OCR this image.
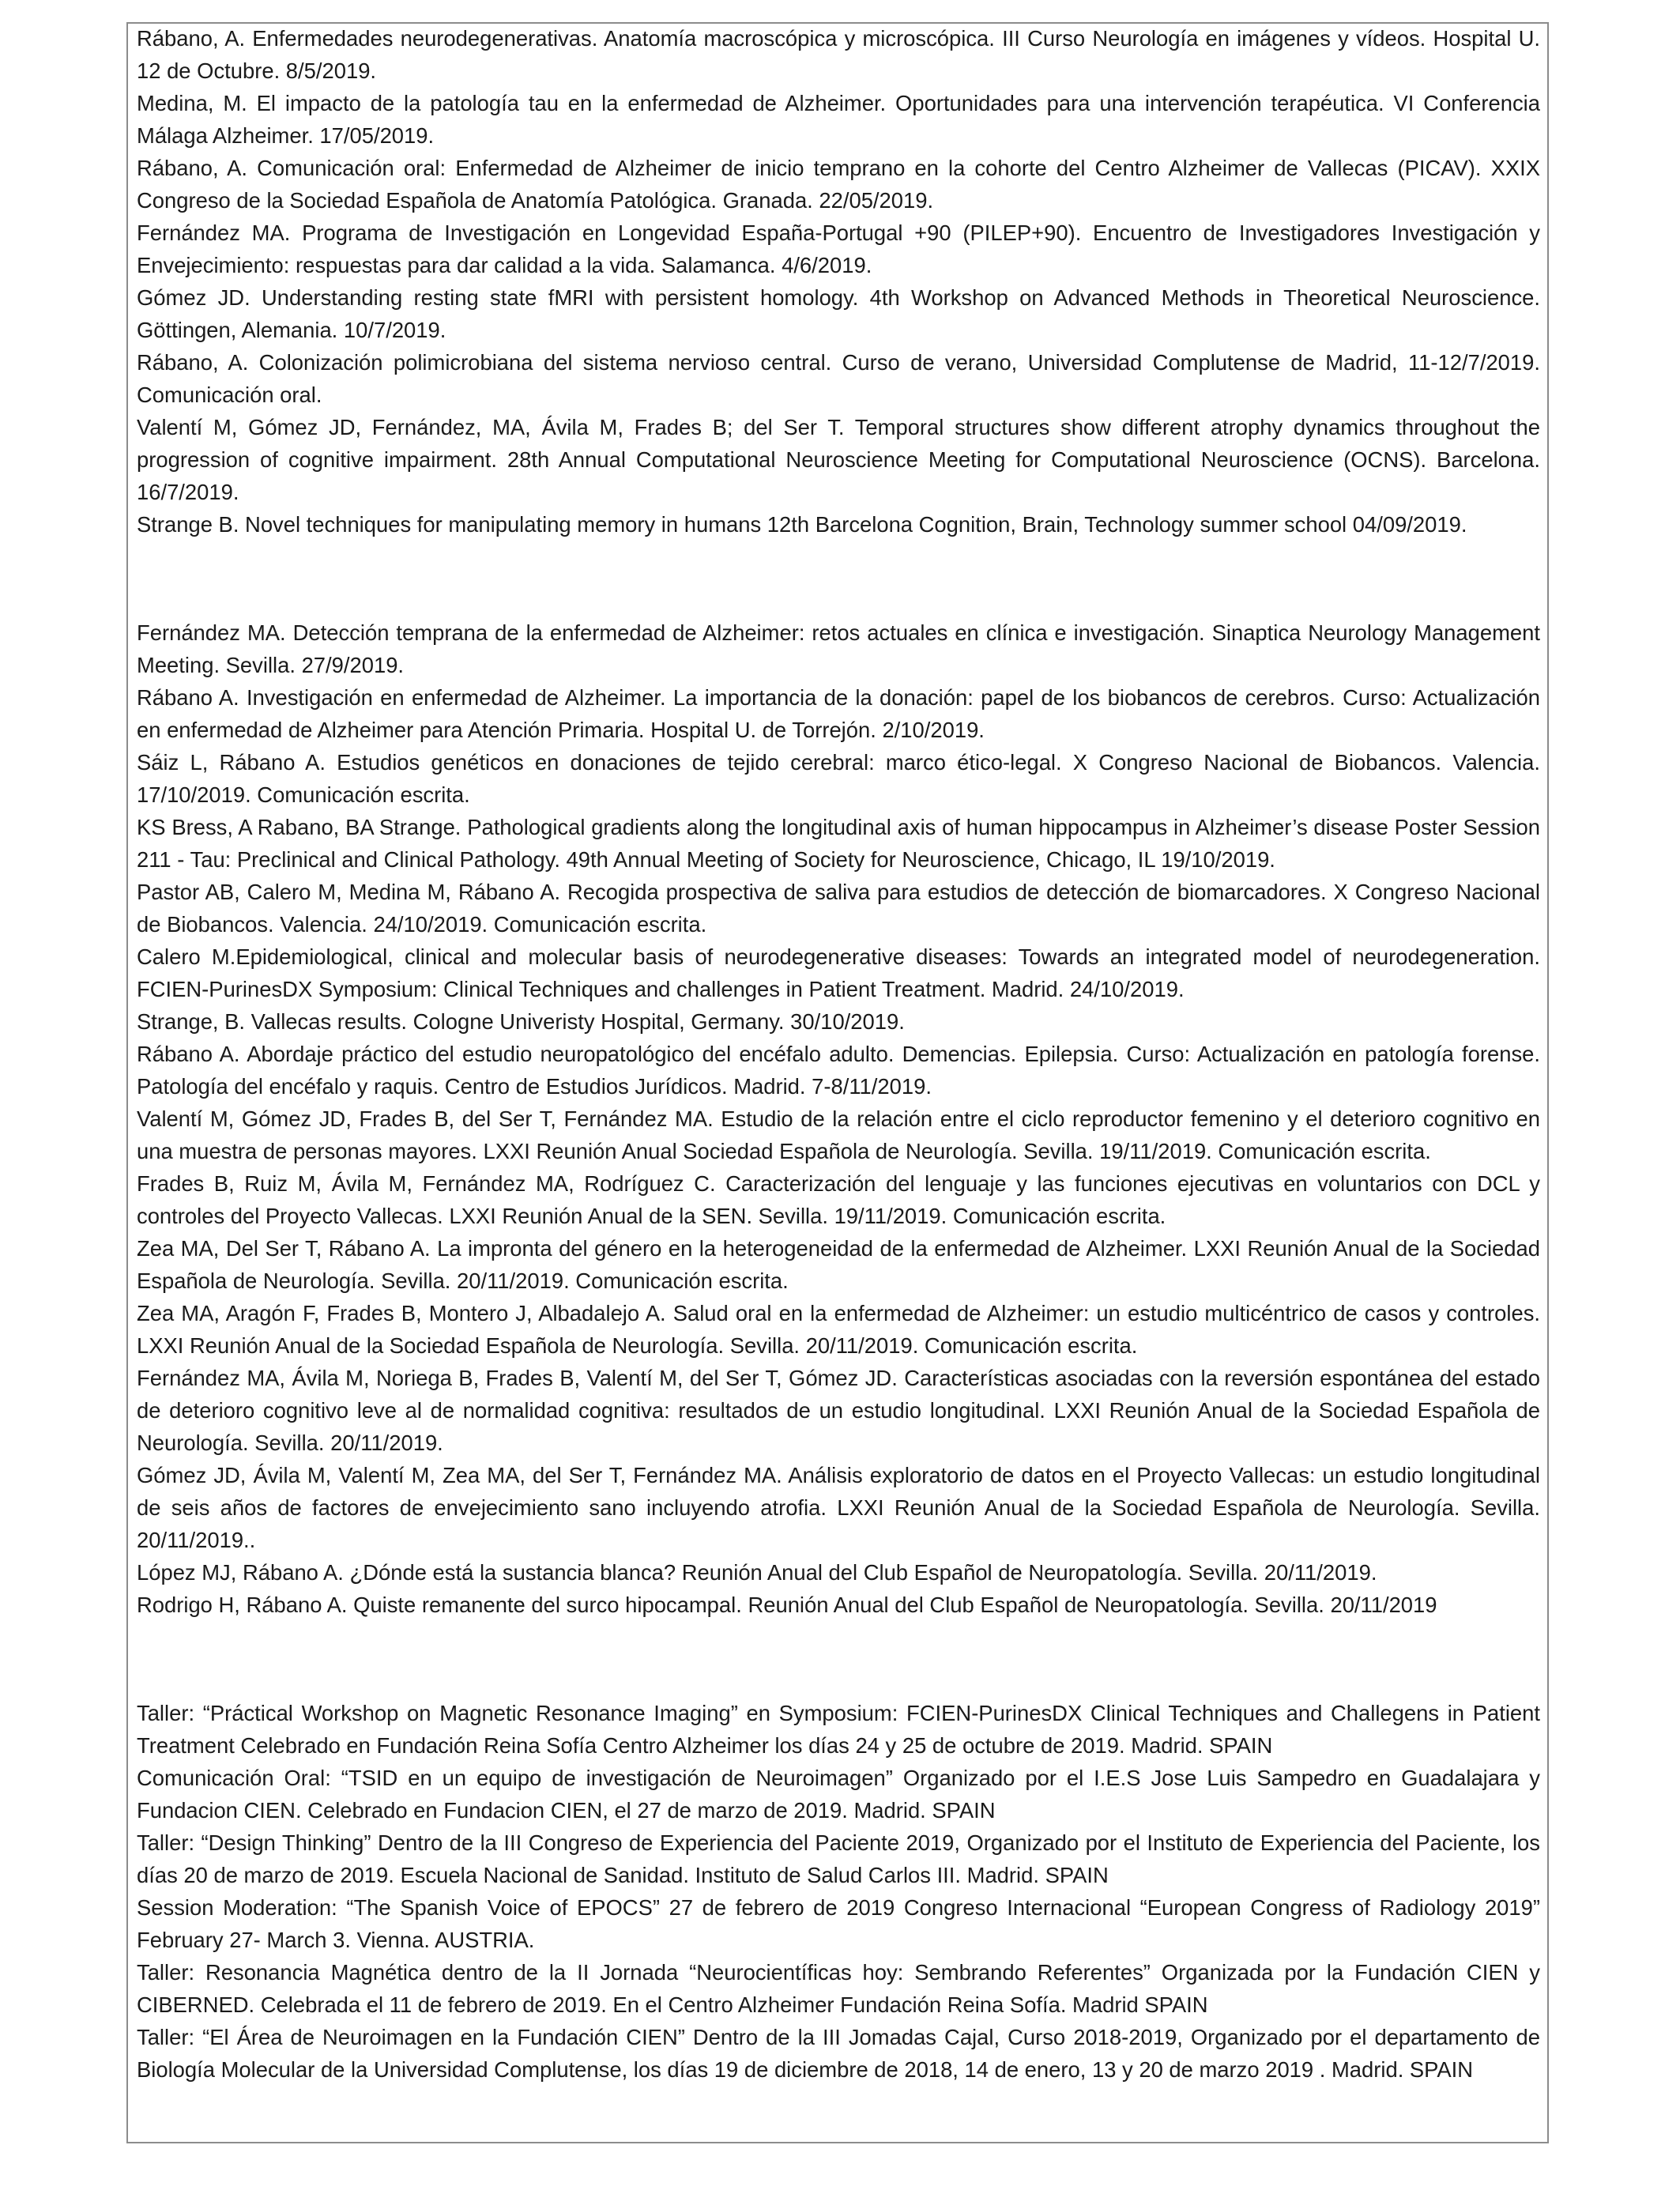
Rábano, A. Enfermedades neurodegenerativas. Anatomía macroscópica y microscópica. III Curso Neurología en imágenes y vídeos. Hospital U. 12 de Octubre. 8/5/2019.

Medina, M. El impacto de la patología tau en la enfermedad de Alzheimer. Oportunidades para una intervención terapéutica. VI Conferencia Málaga Alzheimer. 17/05/2019.

Rábano, A. Comunicación oral: Enfermedad de Alzheimer de inicio temprano en la cohorte del Centro Alzheimer de Vallecas (PICAV). XXIX Congreso de la Sociedad Española de Anatomía Patológica. Granada. 22/05/2019.

Fernández MA. Programa de Investigación en Longevidad España-Portugal +90 (PILEP+90). Encuentro de Investigadores Investigación y Envejecimiento: respuestas para dar calidad a la vida. Salamanca. 4/6/2019.

Gómez JD. Understanding resting state fMRI with persistent homology. 4th Workshop on Advanced Methods in Theoretical Neuroscience. Göttingen, Alemania. 10/7/2019.

Rábano, A. Colonización polimicrobiana del sistema nervioso central. Curso de verano, Universidad Complutense de Madrid, 11-12/7/2019. Comunicación oral.

Valentí M, Gómez JD, Fernández, MA, Ávila M, Frades B; del Ser T. Temporal structures show different atrophy dynamics throughout the progression of cognitive impairment. 28th Annual Computational Neuroscience Meeting for Computational Neuroscience (OCNS). Barcelona. 16/7/2019.

Strange B. Novel techniques for manipulating memory in humans 12th Barcelona Cognition, Brain, Technology summer school 04/09/2019.

Fernández MA. Detección temprana de la enfermedad de Alzheimer: retos actuales en clínica e investigación. Sinaptica Neurology Management Meeting. Sevilla. 27/9/2019.

Rábano A. Investigación en enfermedad de Alzheimer. La importancia de la donación: papel de los biobancos de cerebros. Curso: Actualización en enfermedad de Alzheimer para Atención Primaria. Hospital U. de Torrejón. 2/10/2019.

Sáiz L, Rábano A. Estudios genéticos en donaciones de tejido cerebral: marco ético-legal. X Congreso Nacional de Biobancos. Valencia. 17/10/2019. Comunicación escrita.

KS Bress, A Rabano, BA Strange. Pathological gradients along the longitudinal axis of human hippocampus in Alzheimer’s disease Poster Session 211 - Tau: Preclinical and Clinical Pathology. 49th Annual Meeting of Society for Neuroscience, Chicago, IL 19/10/2019.

Pastor AB, Calero M, Medina M, Rábano A. Recogida prospectiva de saliva para estudios de detección de biomarcadores. X Congreso Nacional de Biobancos. Valencia. 24/10/2019. Comunicación escrita.

Calero M.Epidemiological, clinical and molecular basis of neurodegenerative diseases: Towards an integrated model of neurodegeneration. FCIEN-PurinesDX Symposium: Clinical Techniques and challenges in Patient Treatment. Madrid. 24/10/2019.

Strange, B. Vallecas results. Cologne Univeristy Hospital, Germany. 30/10/2019.

Rábano A. Abordaje práctico del estudio neuropatológico del encéfalo adulto. Demencias. Epilepsia. Curso: Actualización en patología forense. Patología del encéfalo y raquis. Centro de Estudios Jurídicos. Madrid. 7-8/11/2019.

Valentí M, Gómez JD, Frades B, del Ser T, Fernández MA. Estudio de la relación entre el ciclo reproductor femenino y el deterioro cognitivo en una muestra de personas mayores. LXXI Reunión Anual Sociedad Española de Neurología. Sevilla. 19/11/2019. Comunicación escrita.

Frades B, Ruiz M, Ávila M, Fernández MA, Rodríguez C. Caracterización del lenguaje y las funciones ejecutivas en voluntarios con DCL y controles del Proyecto Vallecas. LXXI Reunión Anual de la SEN. Sevilla. 19/11/2019. Comunicación escrita.

Zea MA, Del Ser T, Rábano A. La impronta del género en la heterogeneidad de la enfermedad de Alzheimer. LXXI Reunión Anual de la Sociedad Española de Neurología. Sevilla. 20/11/2019. Comunicación escrita.

Zea MA, Aragón F, Frades B, Montero J, Albadalejo A. Salud oral en la enfermedad de Alzheimer: un estudio multicéntrico de casos y controles. LXXI Reunión Anual de la Sociedad Española de Neurología. Sevilla. 20/11/2019. Comunicación escrita.

Fernández MA, Ávila M, Noriega B, Frades B, Valentí M, del Ser T, Gómez JD. Características asociadas con la reversión espontánea del estado de deterioro cognitivo leve al de normalidad cognitiva: resultados de un estudio longitudinal. LXXI Reunión Anual de la Sociedad Española de Neurología. Sevilla. 20/11/2019.

Gómez JD, Ávila M, Valentí M, Zea MA, del Ser T, Fernández MA. Análisis exploratorio de datos en el Proyecto Vallecas: un estudio longitudinal de seis años de factores de envejecimiento sano incluyendo atrofia. LXXI Reunión Anual de la Sociedad Española de Neurología. Sevilla. 20/11/2019..

López MJ, Rábano A. ¿Dónde está la sustancia blanca? Reunión Anual del Club Español de Neuropatología. Sevilla. 20/11/2019.

Rodrigo H, Rábano A. Quiste remanente del surco hipocampal. Reunión Anual del Club Español de Neuropatología. Sevilla. 20/11/2019

Taller: “Práctical Workshop on Magnetic Resonance Imaging” en Symposium: FCIEN-PurinesDX Clinical Techniques and Challegens in Patient Treatment Celebrado en Fundación Reina Sofía Centro Alzheimer los días 24 y 25 de octubre de 2019. Madrid. SPAIN

Comunicación Oral: “TSID en un equipo de investigación de Neuroimagen” Organizado por el I.E.S Jose Luis Sampedro en Guadalajara y Fundacion CIEN. Celebrado en Fundacion CIEN, el 27 de marzo de 2019. Madrid. SPAIN

Taller: “Design Thinking” Dentro de la III Congreso de Experiencia del Paciente 2019, Organizado por el Instituto de Experiencia del Paciente, los días 20 de marzo de 2019. Escuela Nacional de Sanidad. Instituto de Salud Carlos III. Madrid. SPAIN

Session Moderation: “The Spanish Voice of EPOCS” 27 de febrero de 2019 Congreso Internacional “European Congress of Radiology 2019” February 27- March 3. Vienna. AUSTRIA.

Taller: Resonancia Magnética dentro de la II Jornada “Neurocientíficas hoy: Sembrando Referentes” Organizada por la Fundación CIEN y CIBERNED. Celebrada el 11 de febrero de 2019. En el Centro Alzheimer Fundación Reina Sofía. Madrid SPAIN

Taller: “El Área de Neuroimagen en la Fundación CIEN” Dentro de la III Jomadas Cajal, Curso 2018-2019, Organizado por el departamento de Biología Molecular de la Universidad Complutense, los días 19 de diciembre de 2018, 14 de enero, 13 y 20 de marzo 2019 . Madrid. SPAIN
